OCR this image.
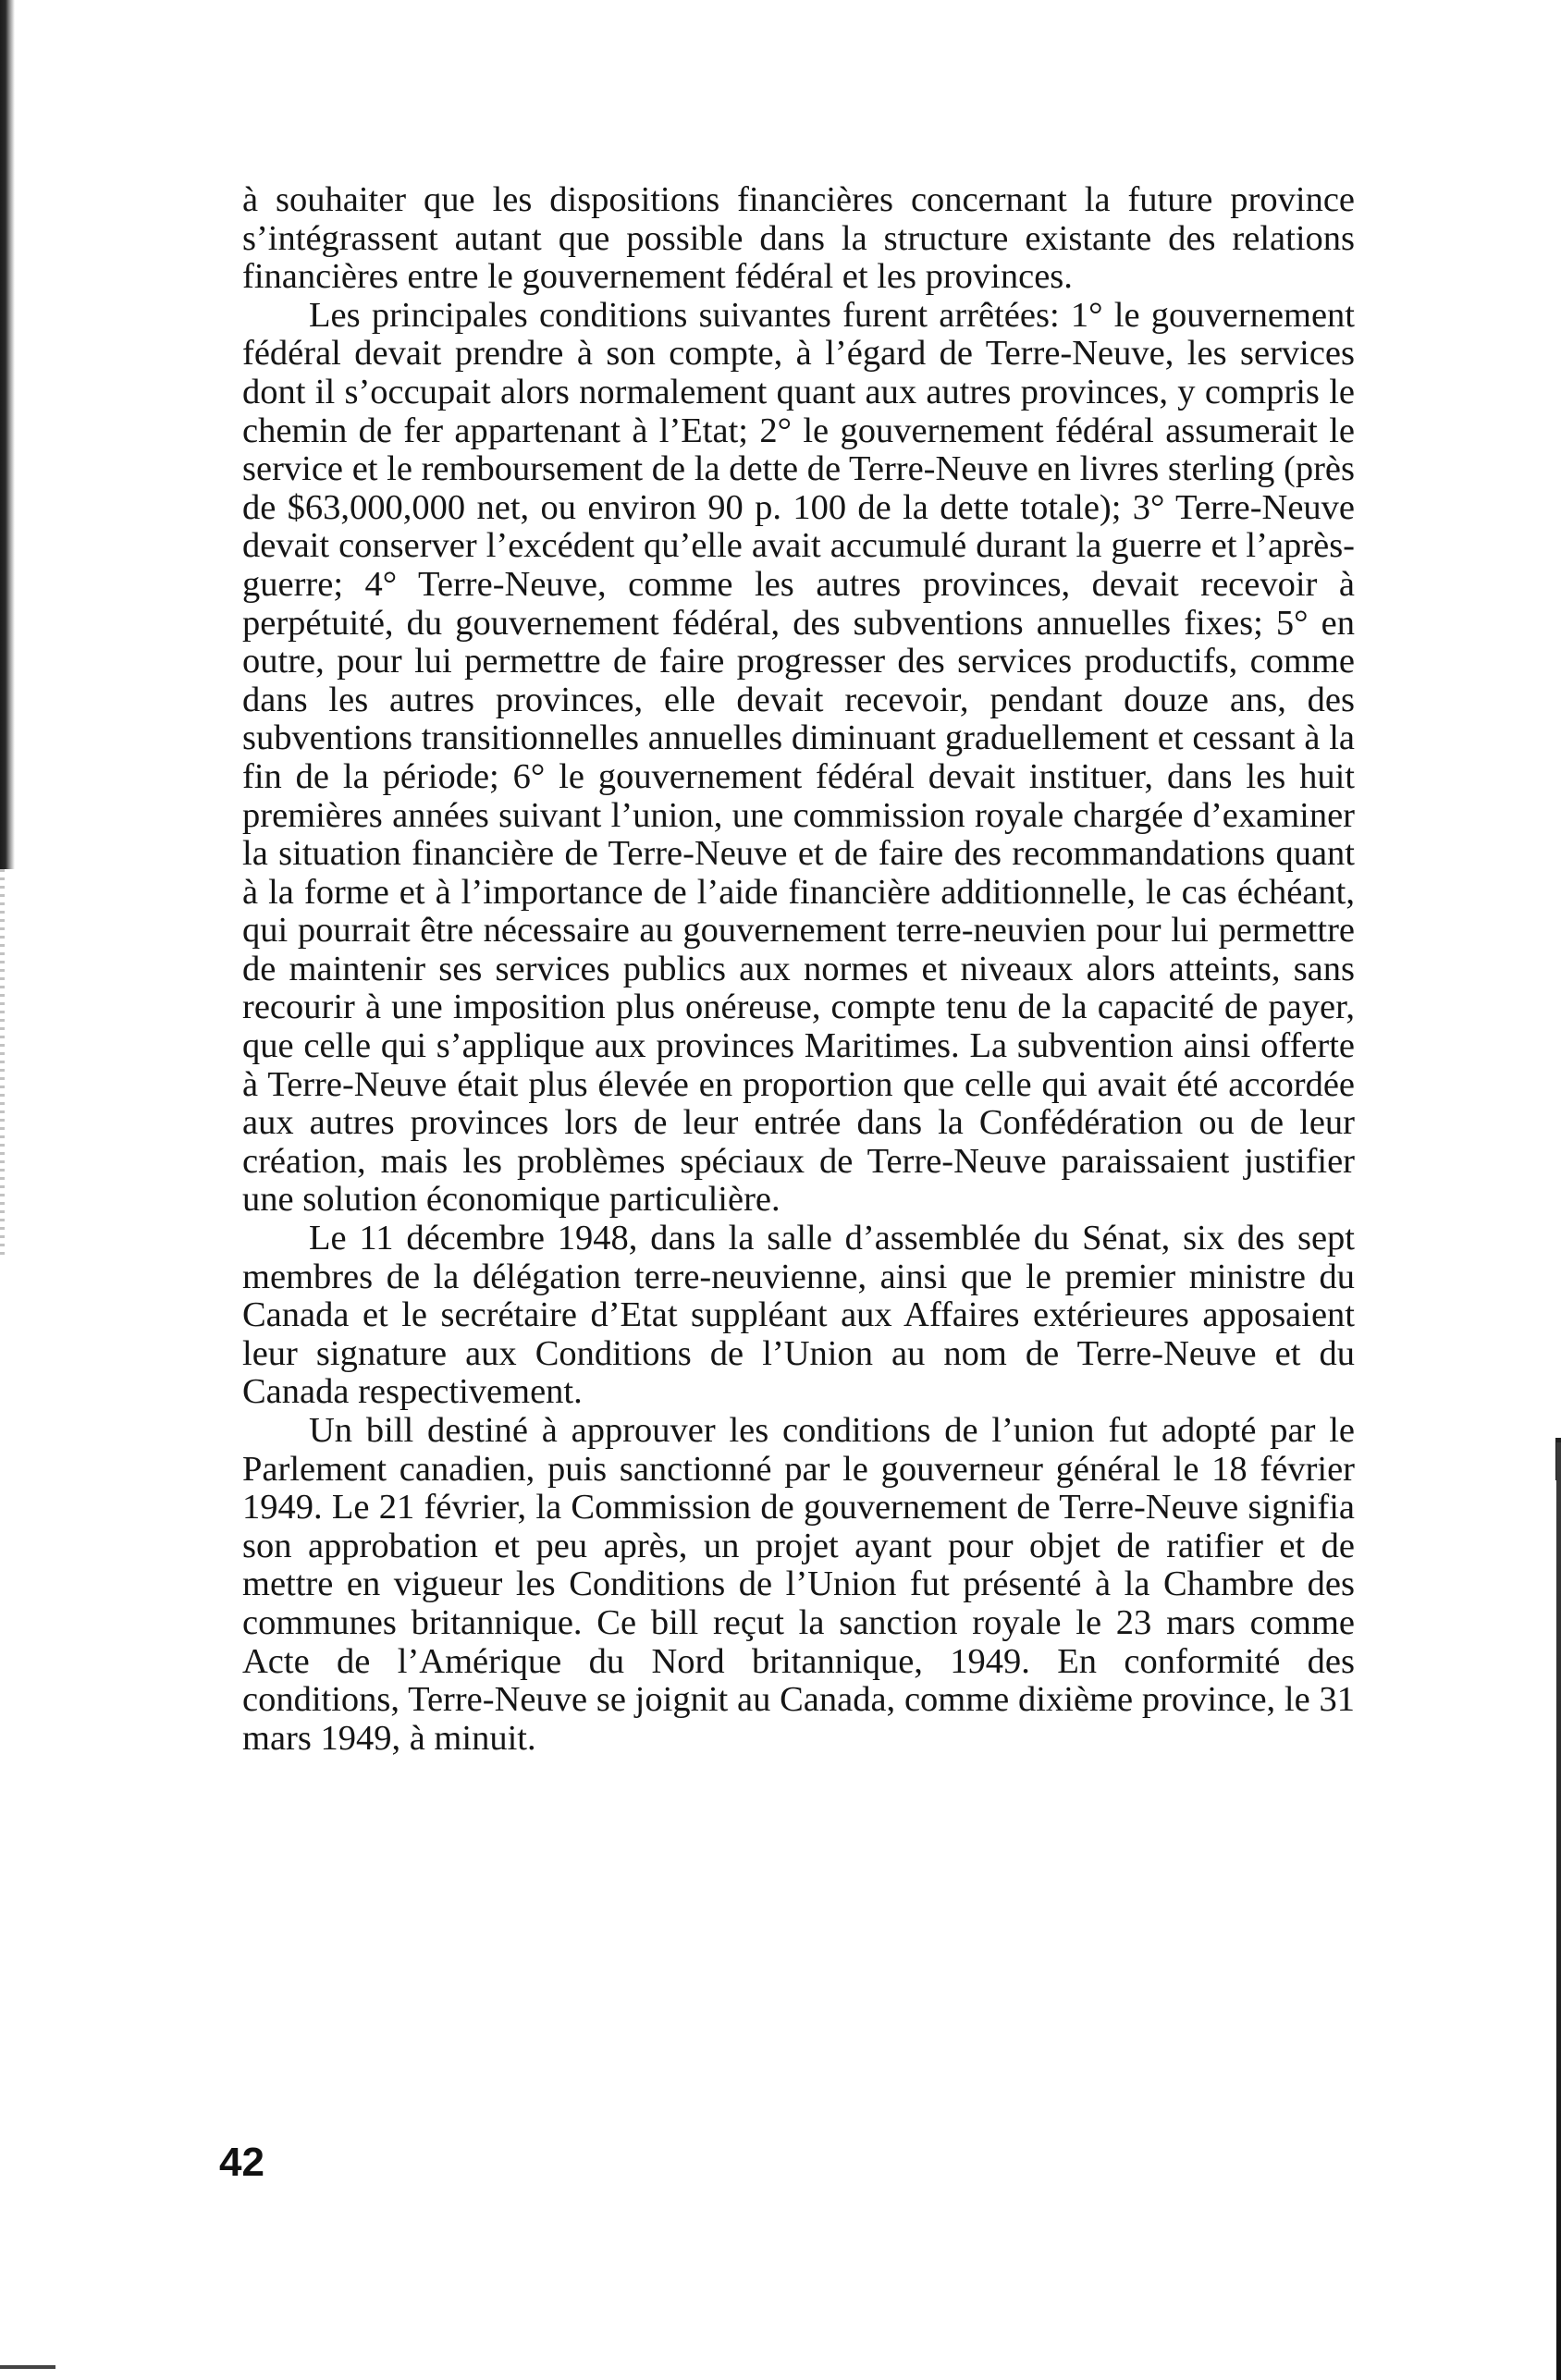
à souhaiter que les dispositions financières concernant la future province s’intégrassent autant que possible dans la structure existante des relations financières entre le gouvernement fédéral et les provinces.

Les principales conditions suivantes furent arrêtées: 1° le gouvernement fédéral devait prendre à son compte, à l’égard de Terre-Neuve, les services dont il s’occupait alors normalement quant aux autres provinces, y compris le chemin de fer appartenant à l’Etat; 2° le gouvernement fédéral assumerait le service et le remboursement de la dette de Terre-Neuve en livres sterling (près de $63,000,000 net, ou environ 90 p. 100 de la dette totale); 3° Terre-Neuve devait conserver l’excédent qu’elle avait accumulé durant la guerre et l’après-guerre; 4° Terre-Neuve, comme les autres provinces, devait recevoir à perpétuité, du gouvernement fédéral, des subventions annuelles fixes; 5° en outre, pour lui permettre de faire progresser des services productifs, comme dans les autres provinces, elle devait recevoir, pendant douze ans, des subventions transitionnelles annuelles diminuant graduellement et cessant à la fin de la période; 6° le gouvernement fédéral devait instituer, dans les huit premières années suivant l’union, une commission royale chargée d’examiner la situation financière de Terre-Neuve et de faire des recommandations quant à la forme et à l’importance de l’aide financière additionnelle, le cas échéant, qui pourrait être nécessaire au gouvernement terre-neuvien pour lui permettre de maintenir ses services publics aux normes et niveaux alors atteints, sans recourir à une imposition plus onéreuse, compte tenu de la capacité de payer, que celle qui s’applique aux provinces Maritimes. La subvention ainsi offerte à Terre-Neuve était plus élevée en proportion que celle qui avait été accordée aux autres provinces lors de leur entrée dans la Confédération ou de leur création, mais les problèmes spéciaux de Terre-Neuve paraissaient justifier une solution économique particulière.

Le 11 décembre 1948, dans la salle d’assemblée du Sénat, six des sept membres de la délégation terre-neuvienne, ainsi que le premier ministre du Canada et le secrétaire d’Etat suppléant aux Affaires extérieures apposaient leur signature aux Conditions de l’Union au nom de Terre-Neuve et du Canada respectivement.

Un bill destiné à approuver les conditions de l’union fut adopté par le Parlement canadien, puis sanctionné par le gouverneur général le 18 février 1949. Le 21 février, la Commission de gouvernement de Terre-Neuve signifia son approbation et peu après, un projet ayant pour objet de ratifier et de mettre en vigueur les Conditions de l’Union fut présenté à la Chambre des communes britannique. Ce bill reçut la sanction royale le 23 mars comme Acte de l’Amérique du Nord britannique, 1949. En conformité des conditions, Terre-Neuve se joignit au Canada, comme dixième province, le 31 mars 1949, à minuit.

42
